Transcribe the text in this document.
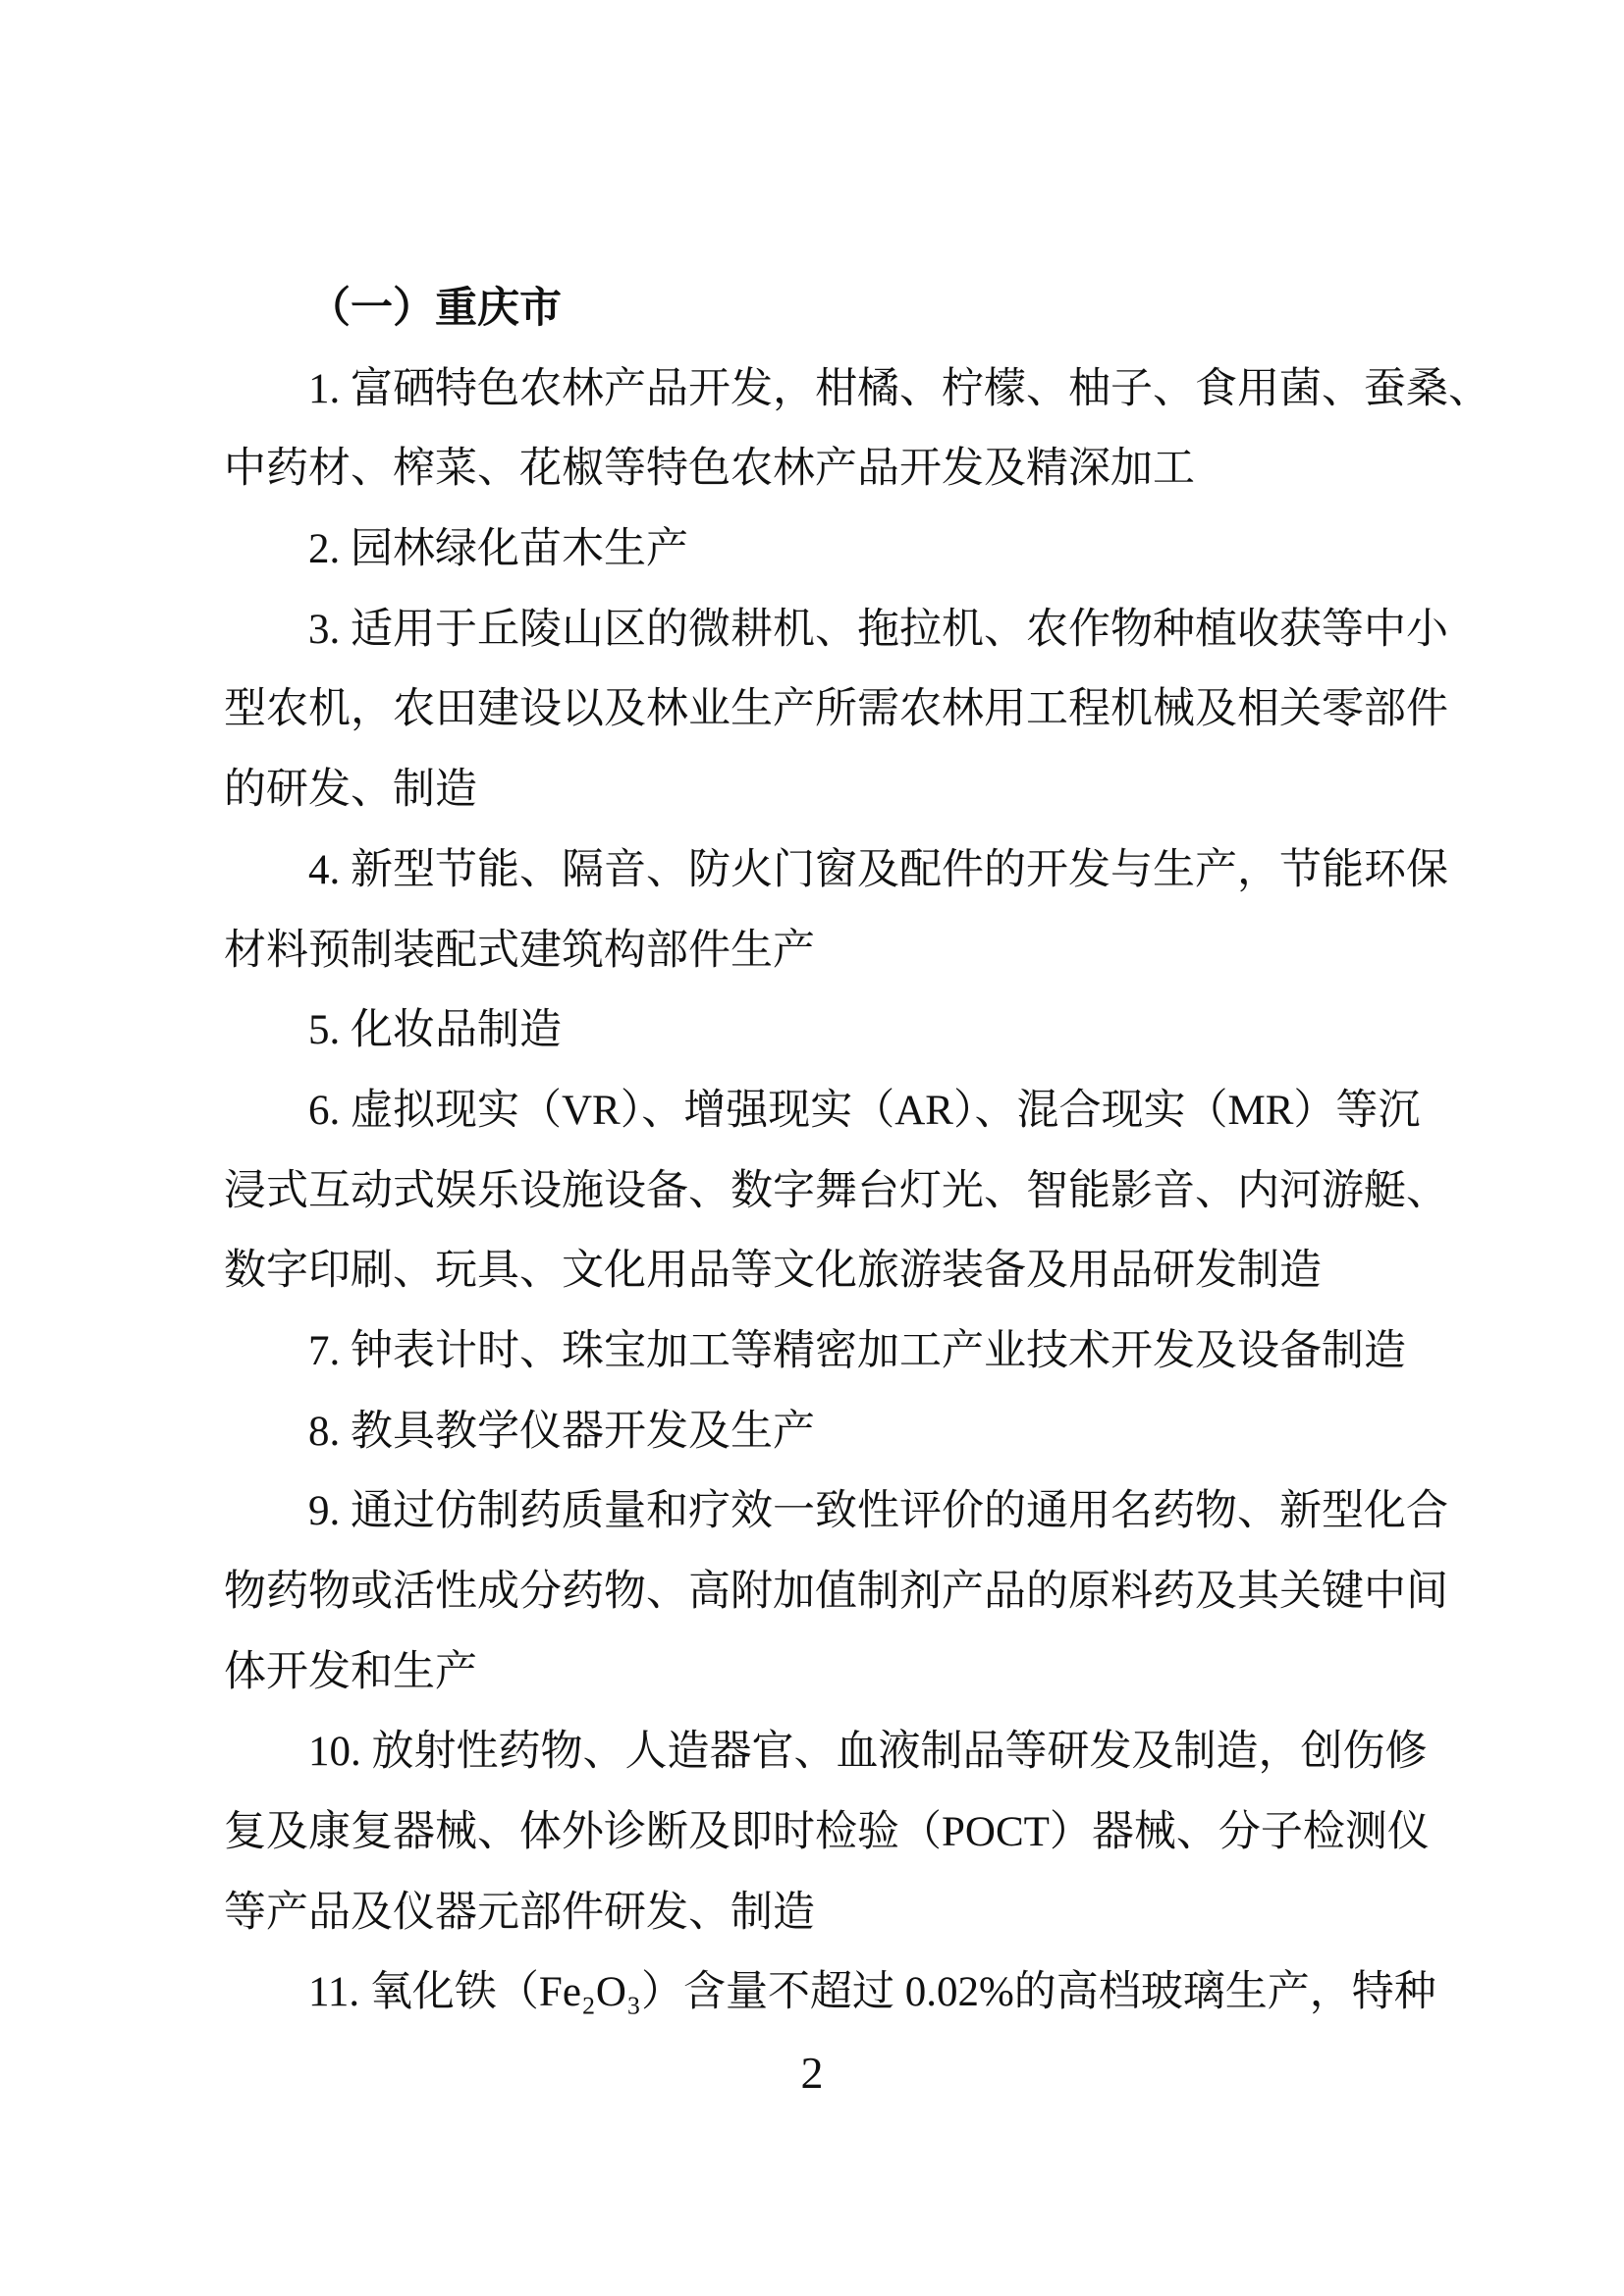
（一）重庆市
1. 富硒特色农林产品开发，柑橘、柠檬、柚子、食用菌、蚕桑、
中药材、榨菜、花椒等特色农林产品开发及精深加工
2. 园林绿化苗木生产
3. 适用于丘陵山区的微耕机、拖拉机、农作物种植收获等中小
型农机，农田建设以及林业生产所需农林用工程机械及相关零部件
的研发、制造
4. 新型节能、隔音、防火门窗及配件的开发与生产，节能环保
材料预制装配式建筑构部件生产
5. 化妆品制造
6. 虚拟现实（VR）、增强现实（AR）、混合现实（MR）等沉
浸式互动式娱乐设施设备、数字舞台灯光、智能影音、内河游艇、
数字印刷、玩具、文化用品等文化旅游装备及用品研发制造
7. 钟表计时、珠宝加工等精密加工产业技术开发及设备制造
8. 教具教学仪器开发及生产
9. 通过仿制药质量和疗效一致性评价的通用名药物、新型化合
物药物或活性成分药物、高附加值制剂产品的原料药及其关键中间
体开发和生产
10. 放射性药物、人造器官、血液制品等研发及制造，创伤修
复及康复器械、体外诊断及即时检验（POCT）器械、分子检测仪
等产品及仪器元部件研发、制造
11. 氧化铁（Fe₂O₃）含量不超过 0.02%的高档玻璃生产，特种
2
